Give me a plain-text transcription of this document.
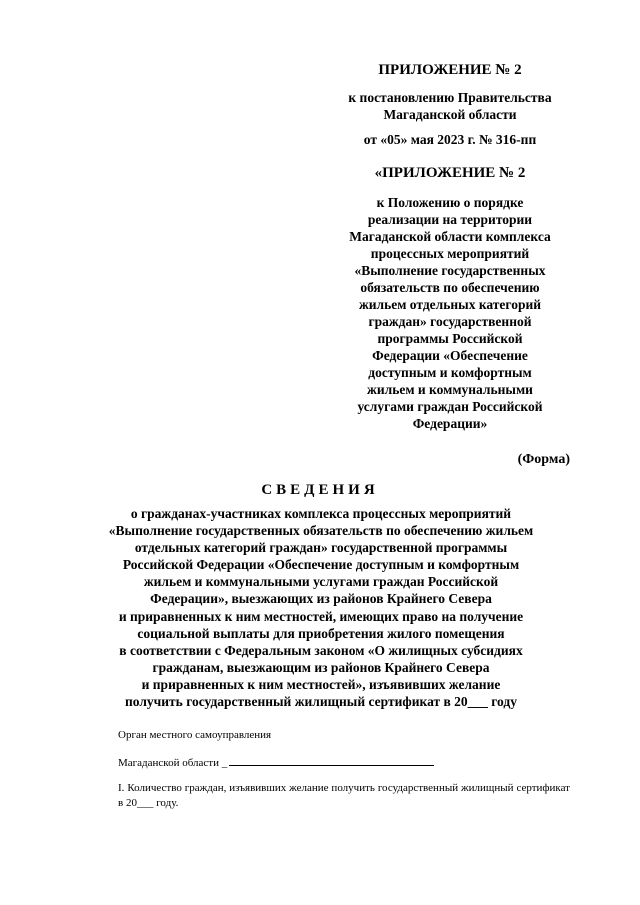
ПРИЛОЖЕНИЕ № 2
к постановлению Правительства
Магаданской области
от «05» мая 2023 г. № 316-пп
«ПРИЛОЖЕНИЕ № 2
к Положению о порядке
реализации на территории
Магаданской области комплекса
процессных мероприятий
«Выполнение государственных
обязательств по обеспечению
жильем отдельных категорий
граждан» государственной
программы Российской
Федерации «Обеспечение
доступным и комфортным
жильем и коммунальными
услугами граждан Российской
Федерации»
(Форма)
СВЕДЕНИЯ
о гражданах-участниках комплекса процессных мероприятий
«Выполнение государственных обязательств по обеспечению жильем
отдельных категорий граждан» государственной программы
Российской Федерации «Обеспечение доступным и комфортным
жильем и коммунальными услугами граждан Российской
Федерации», выезжающих из районов Крайнего Севера
и приравненных к ним местностей, имеющих право на получение
социальной выплаты для приобретения жилого помещения
в соответствии с Федеральным законом «О жилищных субсидиях
гражданам, выезжающим из районов Крайнего Севера
и приравненных к ним местностей», изъявивших желание
получить государственный жилищный сертификат в 20___ году
Орган местного самоуправления
Магаданской области _
I. Количество граждан, изъявивших желание получить государственный жилищный сертификат в 20___ году.
